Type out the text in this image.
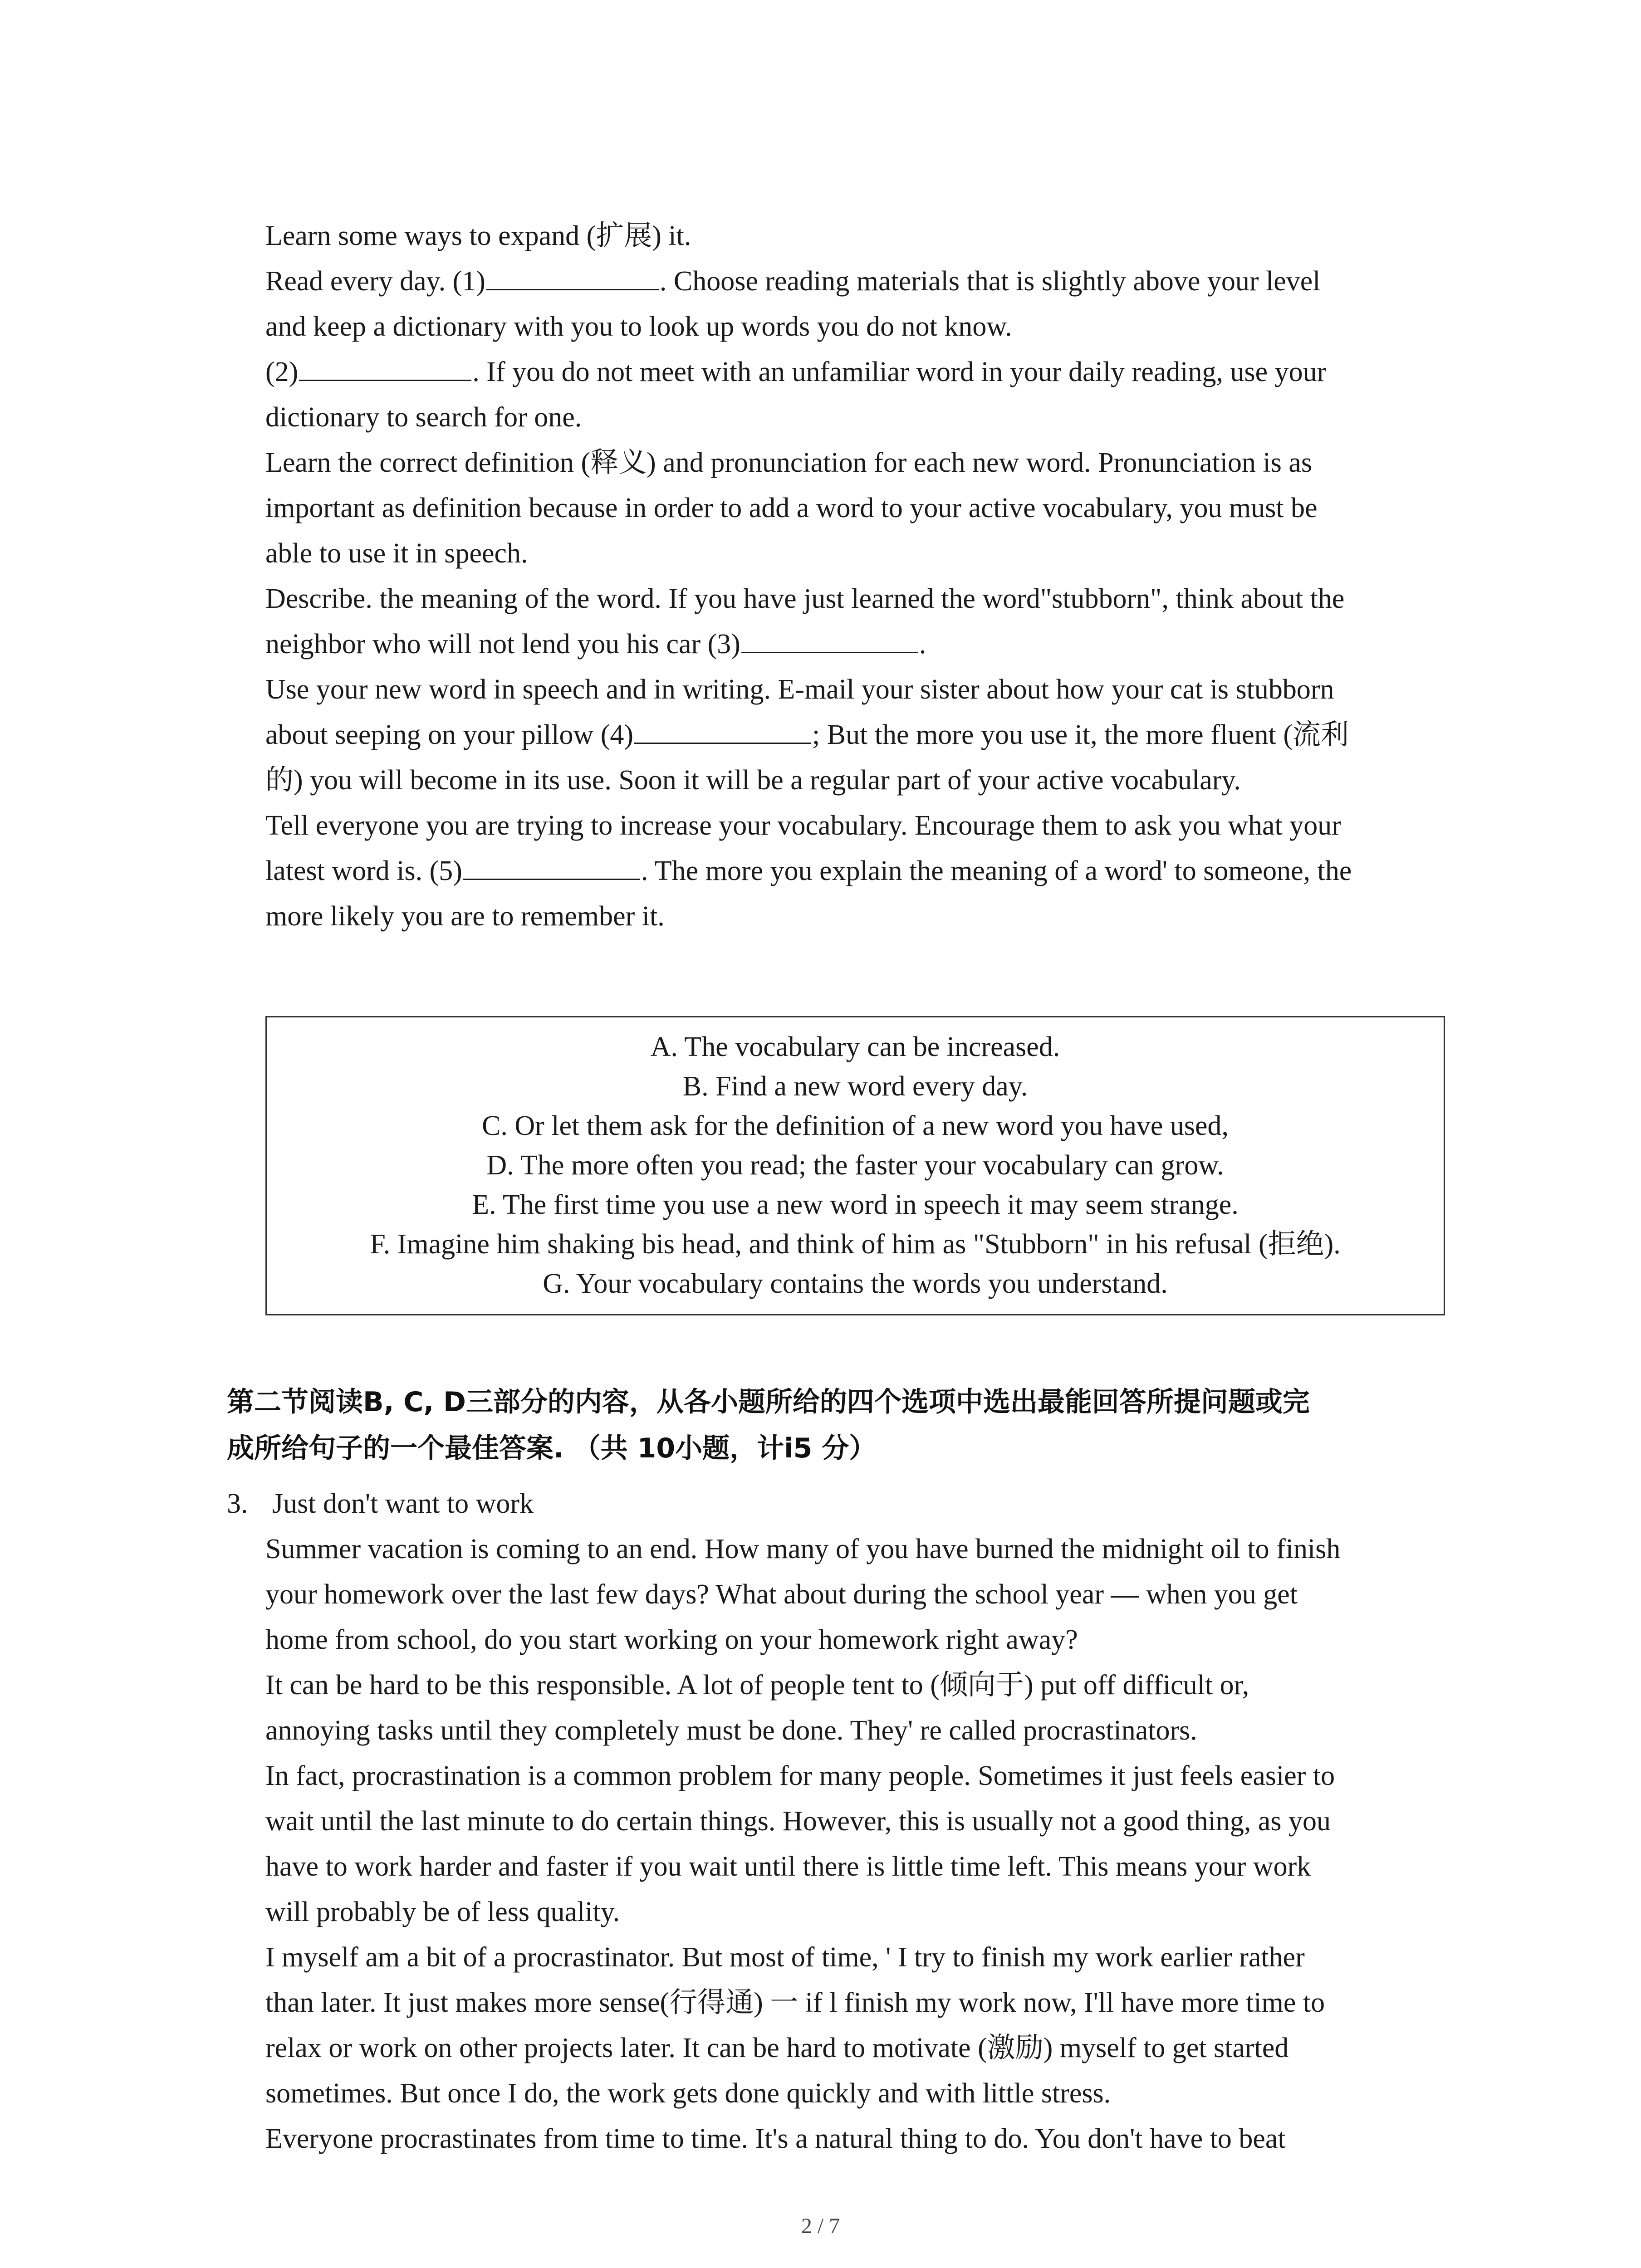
Learn some ways to expand (扩展) it.
Read every day. (1)	. Choose reading materials that is slightly above your level
and keep a dictionary with you to look up words you do not know.
(2)	. If you do not meet with an unfamiliar word in your daily reading, use your
dictionary to search for one.
Learn the correct definition (释义) and pronunciation for each new word. Pronunciation is as
important as definition because in order to add a word to your active vocabulary, you must be
able to use it in speech.
Describe. the meaning of the word. If you have just learned the word"stubborn", think about the
neighbor who will not lend you his car (3)	.
Use your new word in speech and in writing. E-mail your sister about how your cat is stubborn
about seeping on your pillow (4)	; But the more you use it, the more fluent (流利
的) you will become in its use. Soon it will be a regular part of your active vocabulary.
Tell everyone you are trying to increase your vocabulary. Encourage them to ask you what your
latest word is. (5)	. The more you explain the meaning of a word' to someone, the
more likely you are to remember it.
A. The vocabulary can be increased.
B. Find a new word every day.
C. Or let them ask for the definition of a new word you have used,
D. The more often you read; the faster your vocabulary can grow.
E. The first time you use a new word in speech it may seem strange.
F. Imagine him shaking bis head, and think of him as "Stubborn" in his refusal (拒绝).
G. Your vocabulary contains the words you understand.
第二节阅读B, C, D三部分的内容，从各小题所给的四个选项中选出最能回答所提问题或完
成所给句子的一个最佳答案. （共 10小题，计i5 分）
3. Just don't want to work
Summer vacation is coming to an end. How many of you have burned the midnight oil to finish
your homework over the last few days? What about during the school year — when you get
home from school, do you start working on your homework right away?
It can be hard to be this responsible. A lot of people tent to (倾向于) put off difficult or,
annoying tasks until they completely must be done. They' re called procrastinators.
In fact, procrastination is a common problem for many people. Sometimes it just feels easier to
wait until the last minute to do certain things. However, this is usually not a good thing, as you
have to work harder and faster if you wait until there is little time left. This means your work
will probably be of less quality.
I myself am a bit of a procrastinator. But most of time, ' I try to finish my work earlier rather
than later. It just makes more sense(行得通) 一 if l finish my work now, I'll have more time to
relax or work on other projects later. It can be hard to motivate (激励) myself to get started
sometimes. But once I do, the work gets done quickly and with little stress.
Everyone procrastinates from time to time. It's a natural thing to do. You don't have to beat
2 / 7
